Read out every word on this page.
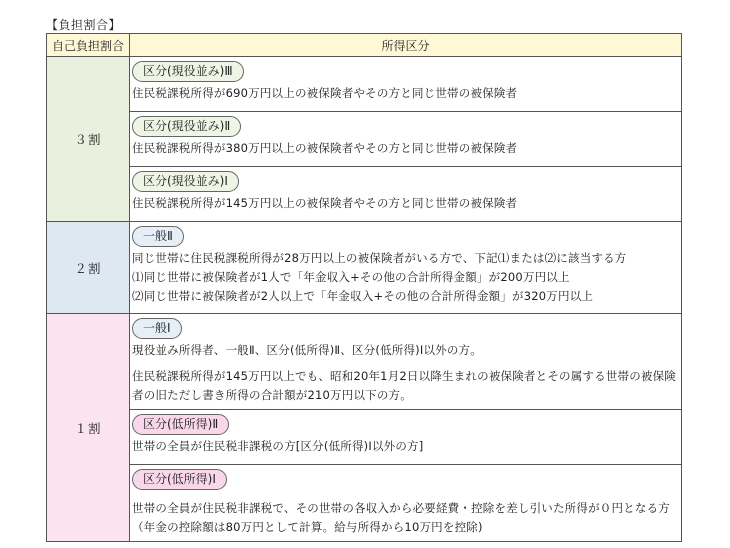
【負担割合】
自己負担割合	所得区分
３割	区分(現役並み)Ⅲ
住民税課税所得が690万円以上の被保険者やその方と同じ世帯の被保険者

	区分(現役並み)Ⅱ
住民税課税所得が380万円以上の被保険者やその方と同じ世帯の被保険者

	区分(現役並み)Ⅰ
住民税課税所得が145万円以上の被保険者やその方と同じ世帯の被保険者

２割	一般Ⅱ
同じ世帯に住民税課税所得が28万円以上の被保険者がいる方で、下記⑴または⑵に該当する方
⑴同じ世帯に被保険者が1人で「年金収入+その他の合計所得金額」が200万円以上
⑵同じ世帯に被保険者が2人以上で「年金収入+その他の合計所得金額」が320万円以上

１割	一般Ⅰ
現役並み所得者、一般Ⅱ、区分(低所得)Ⅱ、区分(低所得)Ⅰ以外の方。
住民税課税所得が145万円以上でも、昭和20年1月2日以降生まれの被保険者とその属する世帯の被保険者の旧ただし書き所得の合計額が210万円以下の方。

	区分(低所得)Ⅱ
世帯の全員が住民税非課税の方[区分(低所得)Ⅰ以外の方]

	区分(低所得)Ⅰ
世帯の全員が住民税非課税で、その世帯の各収入から必要経費・控除を差し引いた所得が０円となる方（年金の控除額は80万円として計算。給与所得から10万円を控除)
